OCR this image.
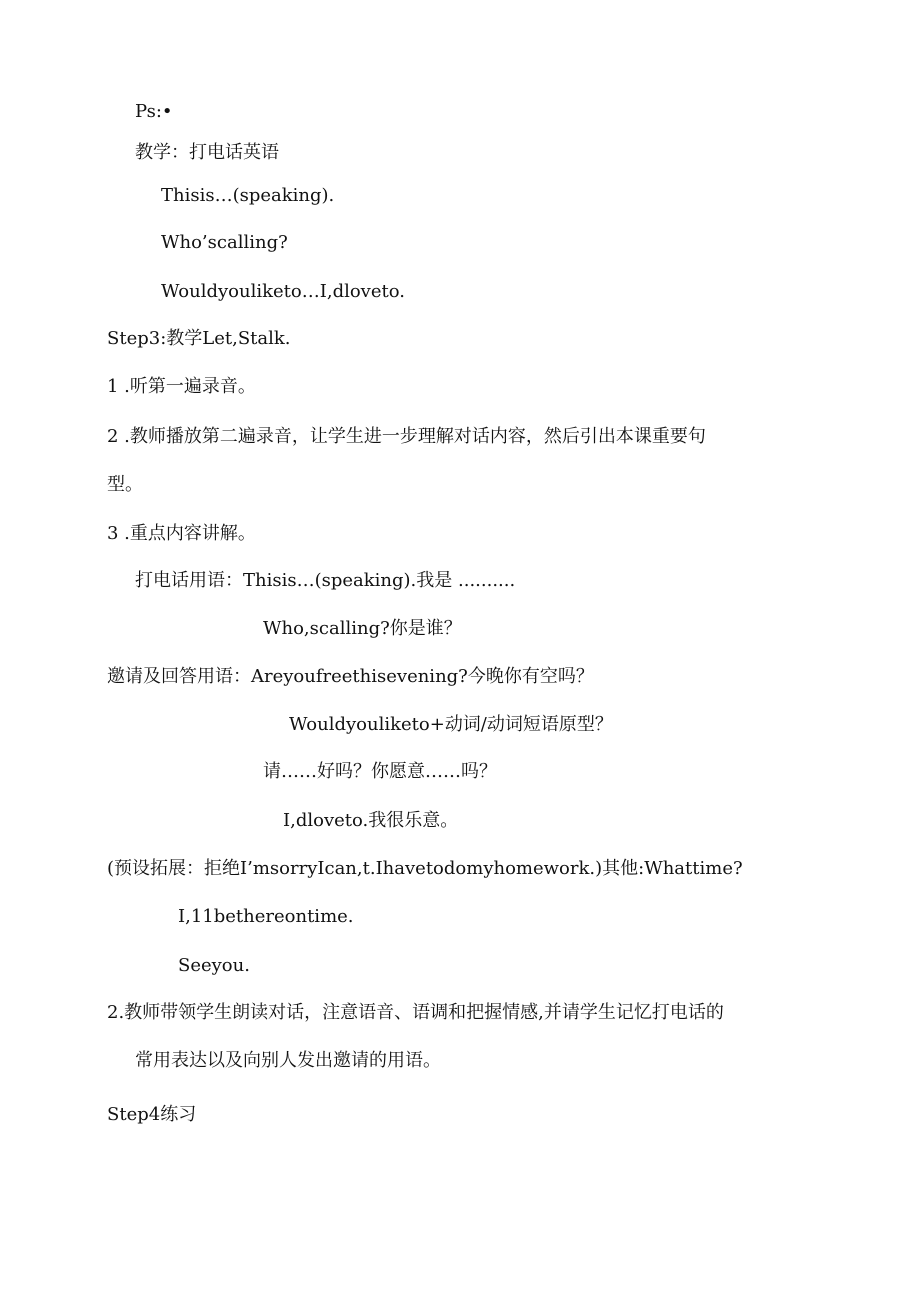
Ps:•
教学：打电话英语
Thisis…(speaking).
Who’scalling?
Wouldyouliketo…I,dloveto.
Step3:教学Let,Stalk.
1 .听第一遍录音。
2 .教师播放第二遍录音，让学生进一步理解对话内容，然后引出本课重要句
型。
3 .重点内容讲解。
打电话用语：Thisis…(speaking).我是 ..........
Who,scalling?你是谁？
邀请及回答用语：Areyoufreethisevening?今晚你有空吗？
Wouldyouliketo+动词/动词短语原型？
请……好吗？你愿意……吗？
I,dloveto.我很乐意。
(预设拓展：拒绝I’msorryIcan,t.Ihavetodomyhomework.)其他:Whattime?
I,11bethereontime.
Seeyou.
2.教师带领学生朗读对话，注意语音、语调和把握情感,并请学生记忆打电话的
常用表达以及向别人发出邀请的用语。
Step4练习
